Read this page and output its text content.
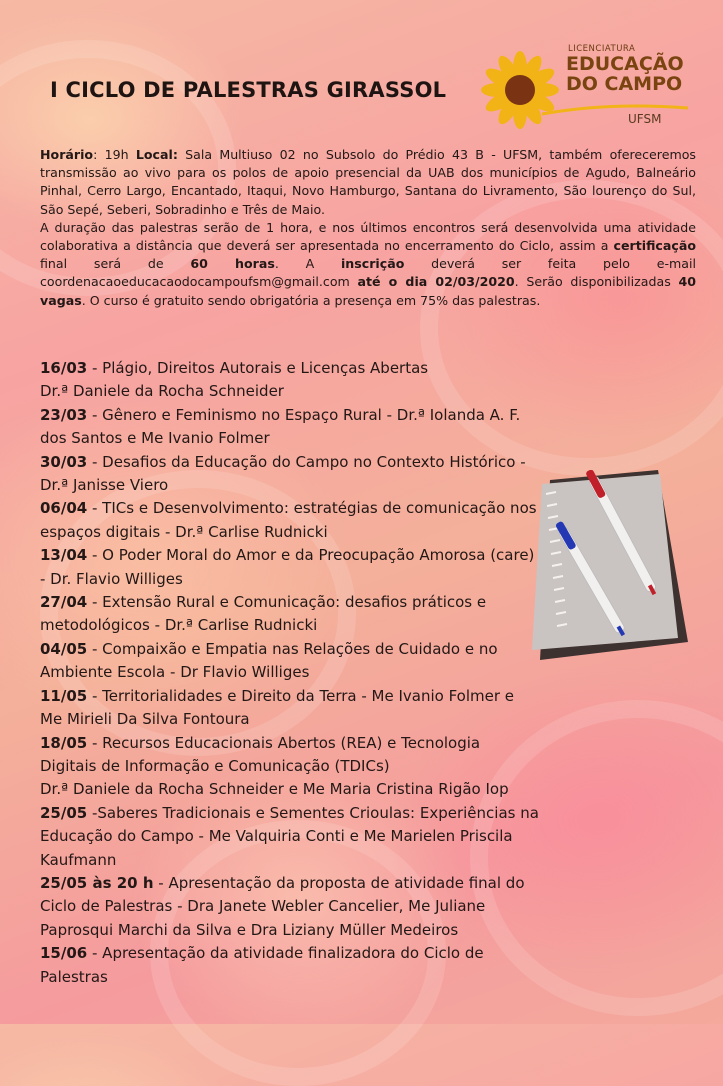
I CICLO DE PALESTRAS GIRASSOL
LICENCIATURA
EDUCAÇÃO
DO CAMPO
UFSM
Horário: 19h Local: Sala Multiuso 02 no Subsolo do Prédio 43 B - UFSM, também ofereceremos transmissão ao vivo para os polos de apoio presencial da UAB dos municípios de Agudo, Balneário Pinhal, Cerro Largo, Encantado, Itaqui, Novo Hamburgo, Santana do Livramento, São lourenço do Sul, São Sepé, Seberi, Sobradinho e Três de Maio.
A duração das palestras serão de 1 hora, e nos últimos encontros será desenvolvida uma atividade colaborativa a distância que deverá ser apresentada no encerramento do Ciclo, assim a certificação final será de 60 horas. A inscrição deverá ser feita pelo e-mail coordenacaoeducacaodocampoufsm@gmail.com até o dia 02/03/2020. Serão disponibilizadas 40 vagas. O curso é gratuito sendo obrigatória a presença em 75% das palestras.

16/03 - Plágio, Direitos Autorais e Licenças Abertas
Dr.ª Daniele da Rocha Schneider

23/03 - Gênero e Feminismo no Espaço Rural - Dr.ª Iolanda A. F. dos Santos e Me Ivanio Folmer

30/03 - Desafios da Educação do Campo no Contexto Histórico - Dr.ª Janisse Viero

06/04 - TICs e Desenvolvimento: estratégias de comunicação nos espaços digitais - Dr.ª Carlise Rudnicki

13/04 - O Poder Moral do Amor e da Preocupação Amorosa (care) - Dr. Flavio Williges

27/04 - Extensão Rural e Comunicação: desafios práticos e metodológicos - Dr.ª Carlise Rudnicki

04/05 - Compaixão e Empatia nas Relações de Cuidado e no Ambiente Escola - Dr Flavio Williges

11/05 - Territorialidades e Direito da Terra - Me Ivanio Folmer e Me Mirieli Da Silva Fontoura

18/05 - Recursos Educacionais Abertos (REA) e Tecnologia Digitais de Informação e Comunicação (TDICs)
Dr.ª Daniele da Rocha Schneider e Me Maria Cristina Rigão Iop

25/05 -Saberes Tradicionais e Sementes Crioulas: Experiências na Educação do Campo - Me Valquiria Conti e Me Marielen Priscila Kaufmann

25/05 às 20 h - Apresentação da proposta de atividade final do Ciclo de Palestras - Dra Janete Webler Cancelier, Me Juliane Paprosqui Marchi da Silva e Dra Liziany Müller Medeiros

15/06 - Apresentação da atividade finalizadora do Ciclo de Palestras
